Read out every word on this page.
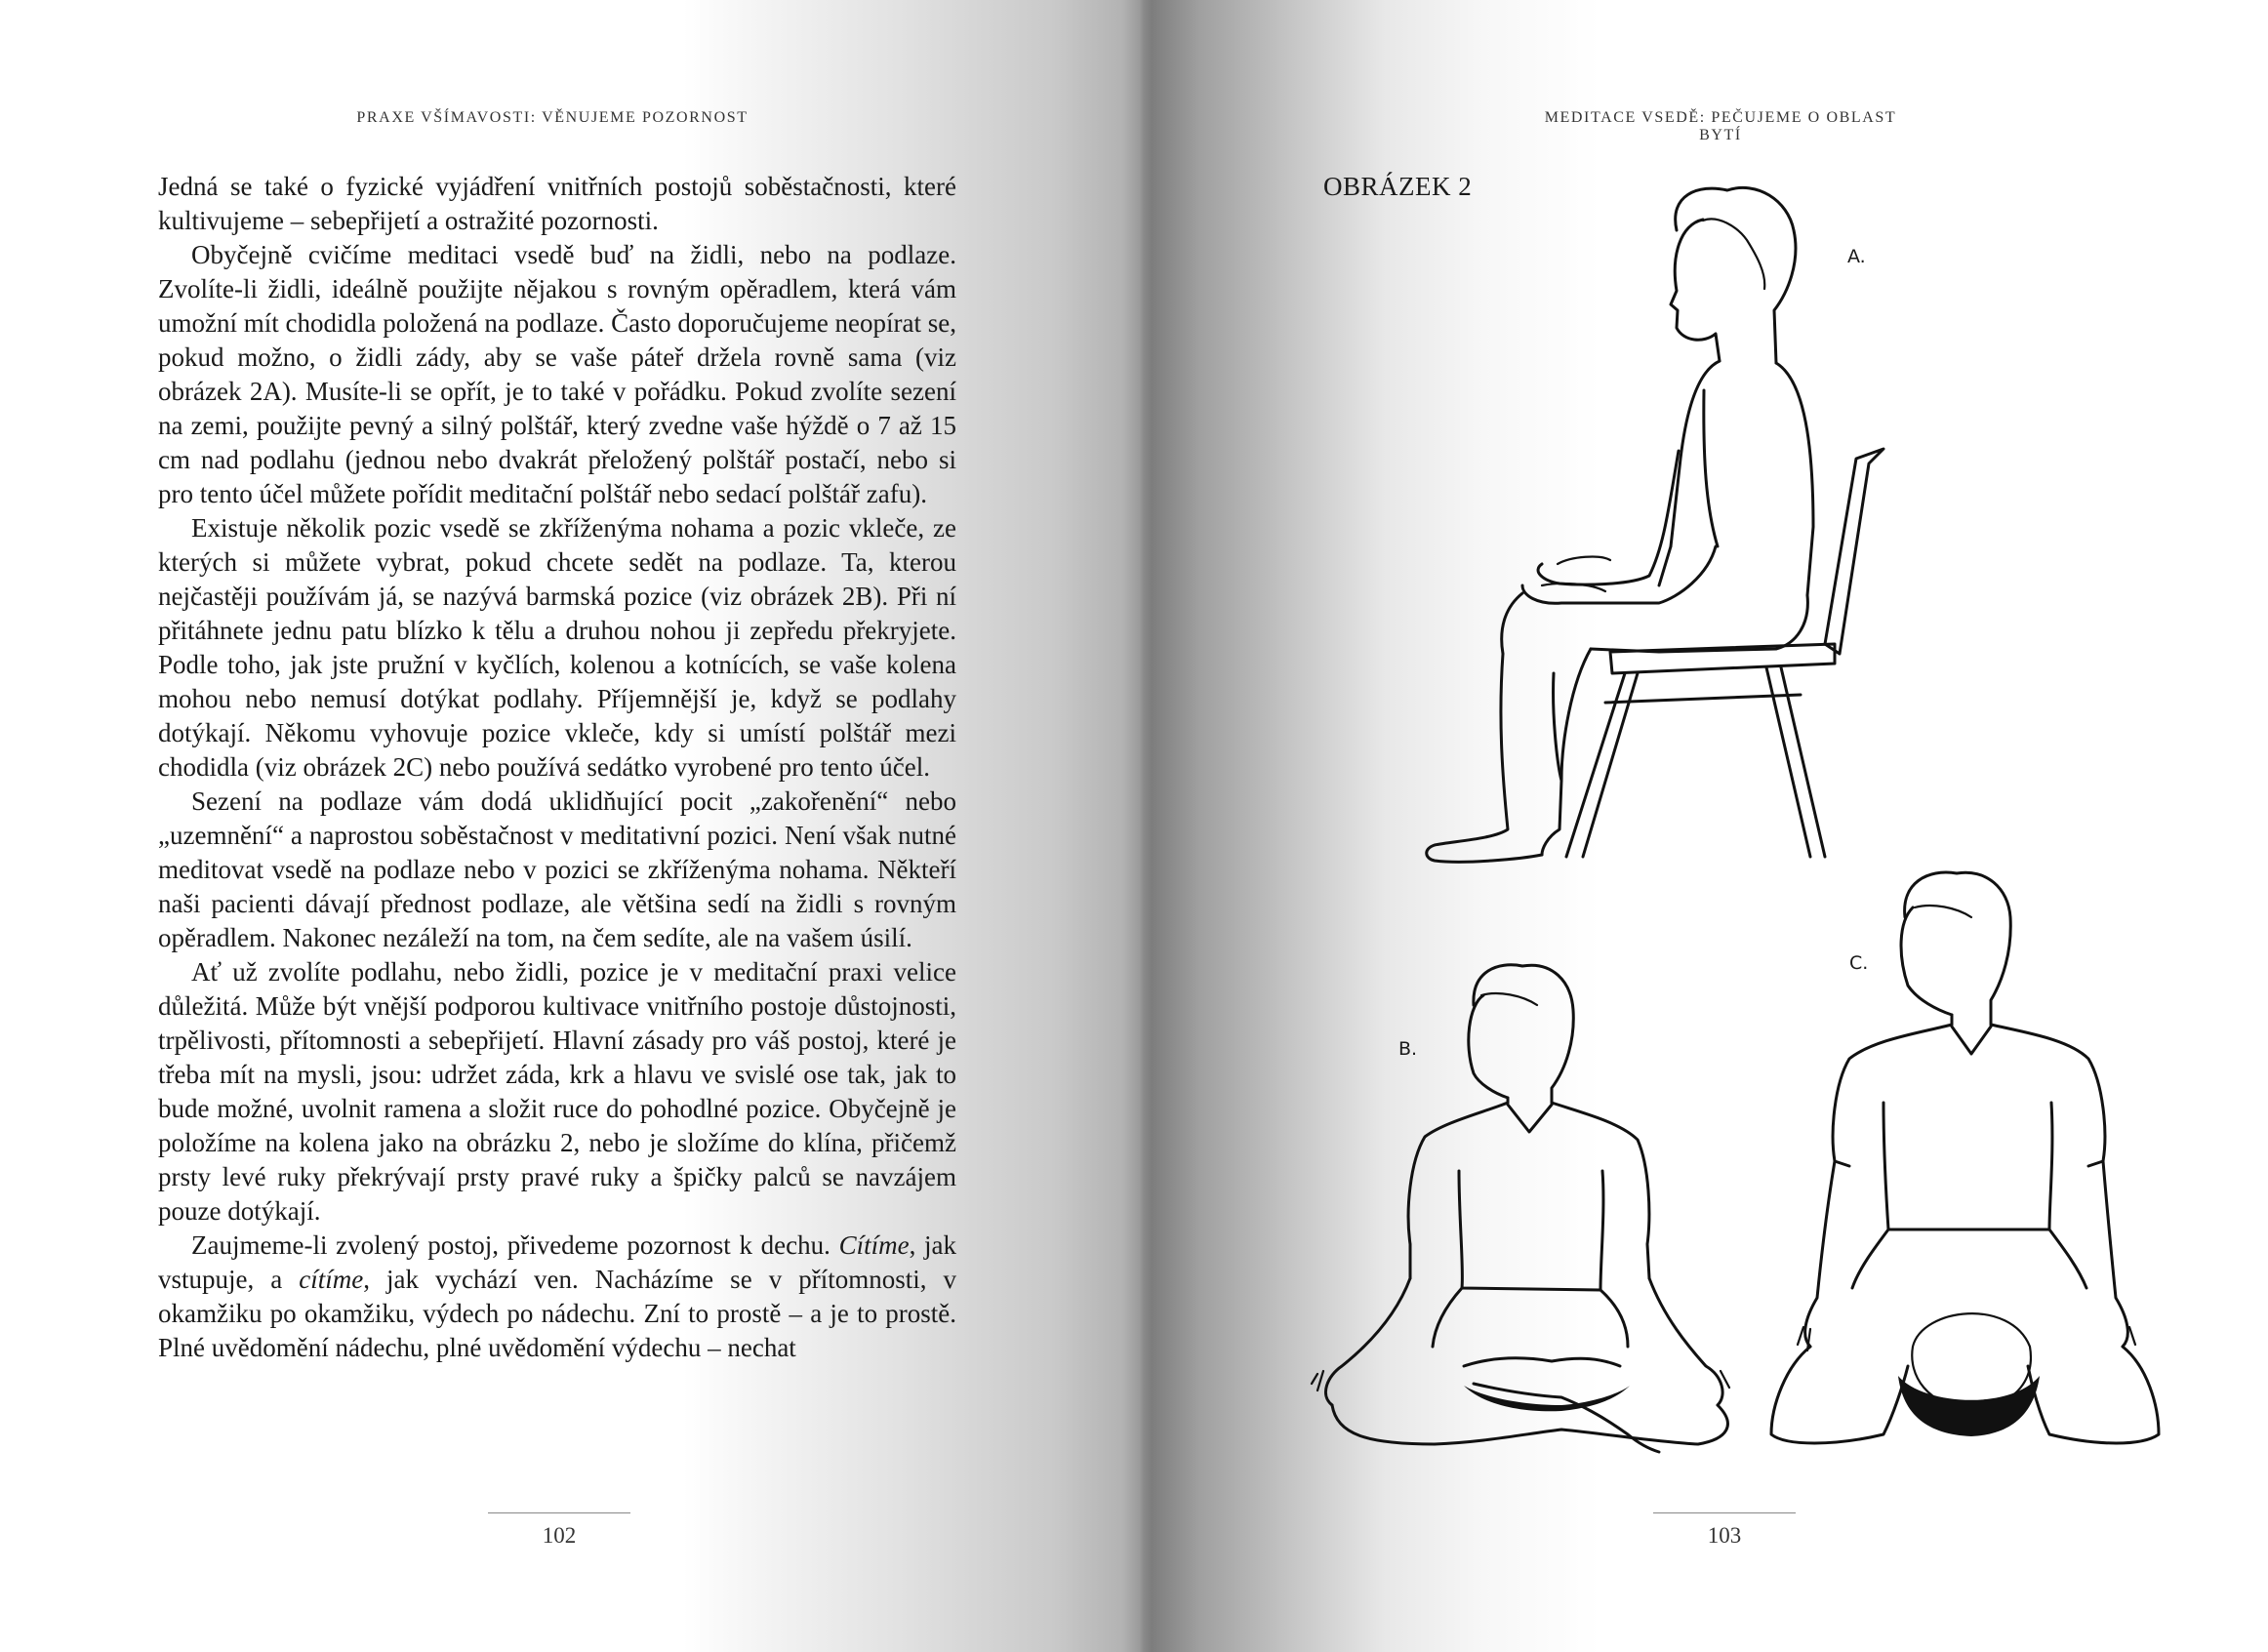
PRAXE VŠÍMAVOSTI: VĚNUJEME POZORNOST

Jedná se také o fyzické vyjádření vnitřních postojů soběstačnosti, které kultivujeme – sebepřijetí a ostražité pozornosti.

Obyčejně cvičíme meditaci vsedě buď na židli, nebo na podlaze. Zvolíte-li židli, ideálně použijte nějakou s rovným opěradlem, která vám umožní mít chodidla položená na podlaze. Často doporučujeme neopírat se, pokud možno, o židli zády, aby se vaše páteř držela rovně sama (viz obrázek 2A). Musíte-li se opřít, je to také v pořádku. Pokud zvolíte sezení na zemi, použijte pevný a silný polštář, který zvedne vaše hýždě o 7 až 15 cm nad podlahu (jednou nebo dvakrát přeložený polštář postačí, nebo si pro tento účel můžete pořídit meditační polštář nebo sedací polštář zafu).

Existuje několik pozic vsedě se zkříženýma nohama a pozic vkleče, ze kterých si můžete vybrat, pokud chcete sedět na podlaze. Ta, kterou nejčastěji používám já, se nazývá barmská pozice (viz obrázek 2B). Při ní přitáhnete jednu patu blízko k tělu a druhou nohou ji zepředu překryjete. Podle toho, jak jste pružní v kyčlích, kolenou a kotnících, se vaše kolena mohou nebo nemusí dotýkat podlahy. Příjemnější je, když se podlahy dotýkají. Někomu vyhovuje pozice vkleče, kdy si umístí polštář mezi chodidla (viz obrázek 2C) nebo používá sedátko vyrobené pro tento účel.

Sezení na podlaze vám dodá uklidňující pocit „zakořenění“ nebo „uzemnění“ a naprostou soběstačnost v meditativní pozici. Není však nutné meditovat vsedě na podlaze nebo v pozici se zkříženýma nohama. Někteří naši pacienti dávají přednost podlaze, ale většina sedí na židli s rovným opěradlem. Nakonec nezáleží na tom, na čem sedíte, ale na vašem úsilí.

Ať už zvolíte podlahu, nebo židli, pozice je v meditační praxi velice důležitá. Může být vnější podporou kultivace vnitřního postoje důstojnosti, trpělivosti, přítomnosti a sebepřijetí. Hlavní zásady pro váš postoj, které je třeba mít na mysli, jsou: udržet záda, krk a hlavu ve svislé ose tak, jak to bude možné, uvolnit ramena a složit ruce do pohodlné pozice. Obyčejně je položíme na kolena jako na obrázku 2, nebo je složíme do klína, přičemž prsty levé ruky překrývají prsty pravé ruky a špičky palců se navzájem pouze dotýkají.

Zaujmeme-li zvolený postoj, přivedeme pozornost k dechu. Cítíme, jak vstupuje, a cítíme, jak vychází ven. Nacházíme se v přítomnosti, v okamžiku po okamžiku, výdech po nádechu. Zní to prostě – a je to prostě. Plné uvědomění nádechu, plné uvědomění výdechu – nechat

102

MEDITACE VSEDĚ: PEČUJEME O OBLAST BYTÍ

OBRÁZEK 2
A.
B.
C.
103
